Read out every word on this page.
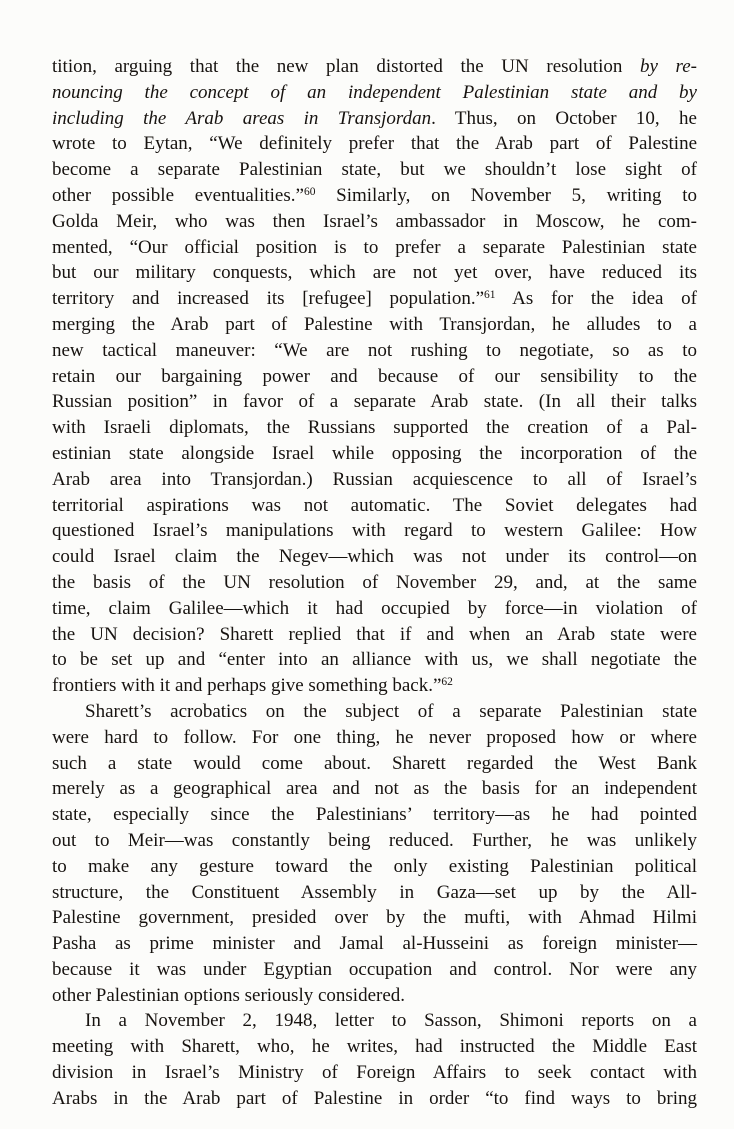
tition, arguing that the new plan distorted the UN resolution by re-
nouncing the concept of an independent Palestinian state and by
including the Arab areas in Transjordan. Thus, on October 10, he
wrote to Eytan, “We definitely prefer that the Arab part of Palestine
become a separate Palestinian state, but we shouldn’t lose sight of
other possible eventualities.”$^{60}$ Similarly, on November 5, writing to
Golda Meir, who was then Israel’s ambassador in Moscow, he com-
mented, “Our official position is to prefer a separate Palestinian state
but our military conquests, which are not yet over, have reduced its
territory and increased its [refugee] population.”$^{61}$ As for the idea of
merging the Arab part of Palestine with Transjordan, he alludes to a
new tactical maneuver: “We are not rushing to negotiate, so as to
retain our bargaining power and because of our sensibility to the
Russian position” in favor of a separate Arab state. (In all their talks
with Israeli diplomats, the Russians supported the creation of a Pal-
estinian state alongside Israel while opposing the incorporation of the
Arab area into Transjordan.) Russian acquiescence to all of Israel’s
territorial aspirations was not automatic. The Soviet delegates had
questioned Israel’s manipulations with regard to western Galilee: How
could Israel claim the Negev—which was not under its control—on
the basis of the UN resolution of November 29, and, at the same
time, claim Galilee—which it had occupied by force—in violation of
the UN decision? Sharett replied that if and when an Arab state were
to be set up and “enter into an alliance with us, we shall negotiate the
frontiers with it and perhaps give something back.”$^{62}$
Sharett’s acrobatics on the subject of a separate Palestinian state
were hard to follow. For one thing, he never proposed how or where
such a state would come about. Sharett regarded the West Bank
merely as a geographical area and not as the basis for an independent
state, especially since the Palestinians’ territory—as he had pointed
out to Meir—was constantly being reduced. Further, he was unlikely
to make any gesture toward the only existing Palestinian political
structure, the Constituent Assembly in Gaza—set up by the All-
Palestine government, presided over by the mufti, with Ahmad Hilmi
Pasha as prime minister and Jamal al-Husseini as foreign minister—
because it was under Egyptian occupation and control. Nor were any
other Palestinian options seriously considered.
In a November 2, 1948, letter to Sasson, Shimoni reports on a
meeting with Sharett, who, he writes, had instructed the Middle East
division in Israel’s Ministry of Foreign Affairs to seek contact with
Arabs in the Arab part of Palestine in order “to find ways to bring
